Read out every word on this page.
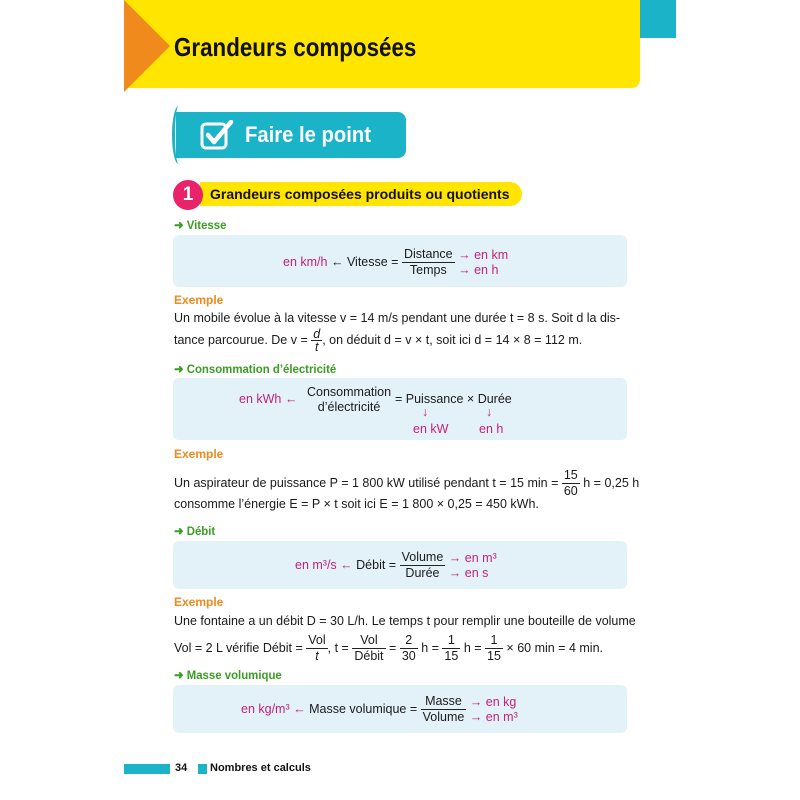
Grandeurs composées
Faire le point
1	Grandeurs composées produits ou quotients
➜ Vitesse
en km/h ← Vitesse = $\frac{\text{Distance}}{\text{Temps}}$
→ en km
→ en h
Exemple
Un mobile évolue à la vitesse v = 14 m/s pendant une durée t = 8 s. Soit d la dis-
tance parcourue. De $v = \frac{d}{t}$ , on déduit d = v × t, soit ici d = 14 × 8 = 112 m.
➜ Consommation d’électricité
en kWh ← Consommation
d’électricité
= Puissance × Durée
↓	↓
en kW en h
Exemple
Un aspirateur de puissance P = 1 800 kW utilisé pendant t = 15 $\min = \frac{15}{60}$ h = 0,25 h
consomme l’énergie E = P × t soit ici E = 1 800 × 0,25 = 450 kWh.
➜ Débit
en m³/s ← Débit = $\frac{\text{Volume}}{\text{Durée}}$
→ en m³
→ en s
Exemple
Une fontaine a un débit D = 30 L/h. Le temps t pour remplir une bouteille de volume
Vol = 2 L vérifie Débit = $\frac{\text{Vol}}{t}$ , $t = \frac{\text{Vol}}{\text{Débit}} = \frac{2}{30}$ $h = \frac{1}{15}$ $h = \frac{1}{15} \times 60$ min = 4 min.
➜ Masse volumique
en kg/m³ ← Masse volumique = $\frac{\text{Masse}}{\text{Volume}}$
→ en kg
→ en m³
34 Nombres et calculs
